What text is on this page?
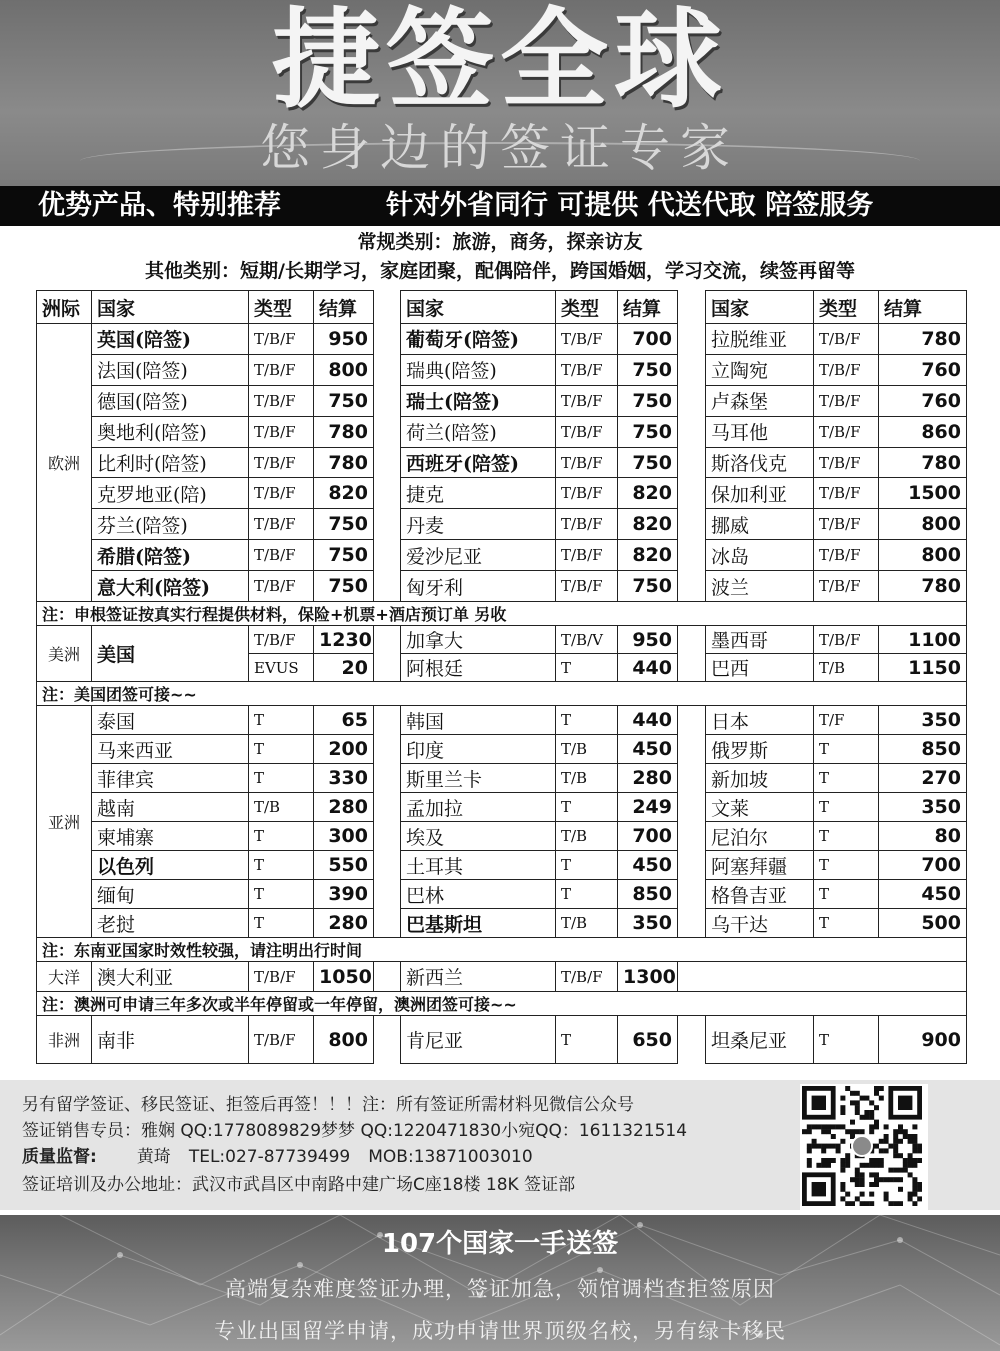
捷签全球
您身边的签证专家
优势产品、特别推荐	针对外省同行 可提供 代送代取 陪签服务
常规类别：旅游，商务，探亲访友
其他类别：短期/长期学习，家庭团聚，配偶陪伴，跨国婚姻，学习交流，续签再留等
洲际	国家	类型	结算		国家	类型	结算		国家	类型	结算
欧洲	英国(陪签)	T/B/F	950		葡萄牙(陪签)	T/B/F	700		拉脱维亚	T/B/F	780
	法国(陪签)	T/B/F	800		瑞典(陪签)	T/B/F	750		立陶宛	T/B/F	760
	德国(陪签)	T/B/F	750		瑞士(陪签)	T/B/F	750		卢森堡	T/B/F	760
	奥地利(陪签)	T/B/F	780		荷兰(陪签)	T/B/F	750		马耳他	T/B/F	860
	比利时(陪签)	T/B/F	780		西班牙(陪签)	T/B/F	750		斯洛伐克	T/B/F	780
	克罗地亚(陪)	T/B/F	820		捷克	T/B/F	820		保加利亚	T/B/F	1500
	芬兰(陪签)	T/B/F	750		丹麦	T/B/F	820		挪威	T/B/F	800
	希腊(陪签)	T/B/F	750		爱沙尼亚	T/B/F	820		冰岛	T/B/F	800
	意大利(陪签)	T/B/F	750		匈牙利	T/B/F	750		波兰	T/B/F	780
注：申根签证按真实行程提供材料，保险+机票+酒店预订单 另收											
美洲	美国	T/B/F	1230		加拿大	T/B/V	950		墨西哥	T/B/F	1100
		EVUS	20		阿根廷	T	440		巴西	T/B	1150
注：美国团签可接~~											
亚洲	泰国	T	65		韩国	T	440		日本	T/F	350
	马来西亚	T	200		印度	T/B	450		俄罗斯	T	850
	菲律宾	T	330		斯里兰卡	T/B	280		新加坡	T	270
	越南	T/B	280		孟加拉	T	249		文莱	T	350
	柬埔寨	T	300		埃及	T/B	700		尼泊尔	T	80
	以色列	T	550		土耳其	T	450		阿塞拜疆	T	700
	缅甸	T	390		巴林	T	850		格鲁吉亚	T	450
	老挝	T	280		巴基斯坦	T/B	350		乌干达	T	500
注：东南亚国家时效性较强，请注明出行时间											
大洋	澳大利亚	T/B/F	1050		新西兰	T/B/F	1300				
注：澳洲可申请三年多次或半年停留或一年停留，澳洲团签可接~~											
非洲	南非	T/B/F	800		肯尼亚	T	650		坦桑尼亚	T	900
另有留学签证、移民签证、拒签后再签！！！注：所有签证所需材料见微信公众号
签证销售专员：雅娴 QQ:1778089829梦梦 QQ:1220471830小宛QQ：1611321514
质量监督: 黄琦 TEL:027-87739499 MOB:13871003010
签证培训及办公地址：武汉市武昌区中南路中建广场C座18楼 18K 签证部
107个国家一手送签
高端复杂难度签证办理，签证加急，领馆调档查拒签原因
专业出国留学申请，成功申请世界顶级名校，另有绿卡移民
